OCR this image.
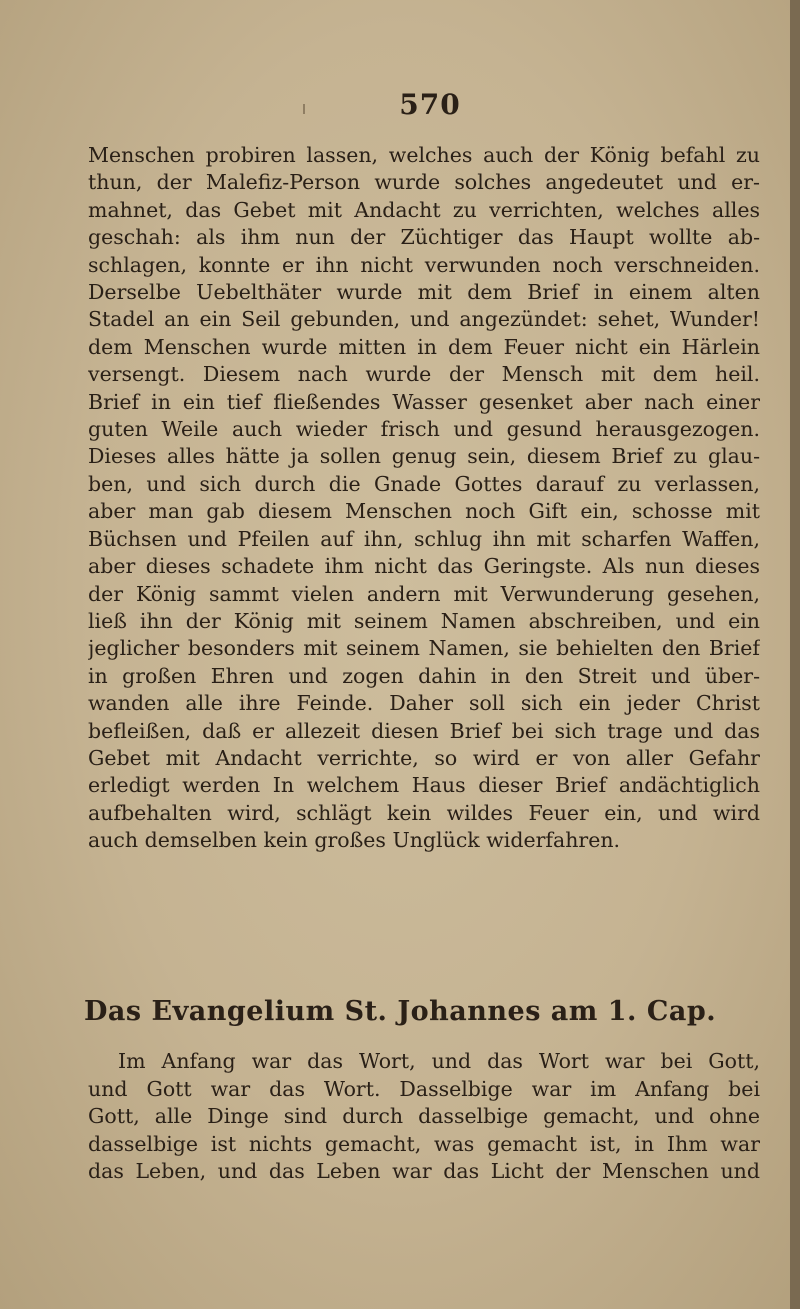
570
Menschen probiren lassen, welches auch der König befahl zu
thun, der Malefiz-Person wurde solches angedeutet und er-
mahnet, das Gebet mit Andacht zu verrichten, welches alles
geschah: als ihm nun der Züchtiger das Haupt wollte ab-
schlagen, konnte er ihn nicht verwunden noch verschneiden.
Derselbe Uebelthäter wurde mit dem Brief in einem alten
Stadel an ein Seil gebunden, und angezündet: sehet, Wunder!
dem Menschen wurde mitten in dem Feuer nicht ein Härlein
versengt. Diesem nach wurde der Mensch mit dem heil.
Brief in ein tief fließendes Wasser gesenket aber nach einer
guten Weile auch wieder frisch und gesund herausgezogen.
Dieses alles hätte ja sollen genug sein, diesem Brief zu glau-
ben, und sich durch die Gnade Gottes darauf zu verlassen,
aber man gab diesem Menschen noch Gift ein, schosse mit
Büchsen und Pfeilen auf ihn, schlug ihn mit scharfen Waffen,
aber dieses schadete ihm nicht das Geringste. Als nun dieses
der König sammt vielen andern mit Verwunderung gesehen,
ließ ihn der König mit seinem Namen abschreiben, und ein
jeglicher besonders mit seinem Namen, sie behielten den Brief
in großen Ehren und zogen dahin in den Streit und über-
wanden alle ihre Feinde. Daher soll sich ein jeder Christ
befleißen, daß er allezeit diesen Brief bei sich trage und das
Gebet mit Andacht verrichte, so wird er von aller Gefahr
erledigt werden In welchem Haus dieser Brief andächtiglich
aufbehalten wird, schlägt kein wildes Feuer ein, und wird
auch demselben kein großes Unglück widerfahren.
Das Evangelium St. Johannes am 1. Cap.
Im Anfang war das Wort, und das Wort war bei Gott,
und Gott war das Wort. Dasselbige war im Anfang bei
Gott, alle Dinge sind durch dasselbige gemacht, und ohne
dasselbige ist nichts gemacht, was gemacht ist, in Ihm war
das Leben, und das Leben war das Licht der Menschen und
